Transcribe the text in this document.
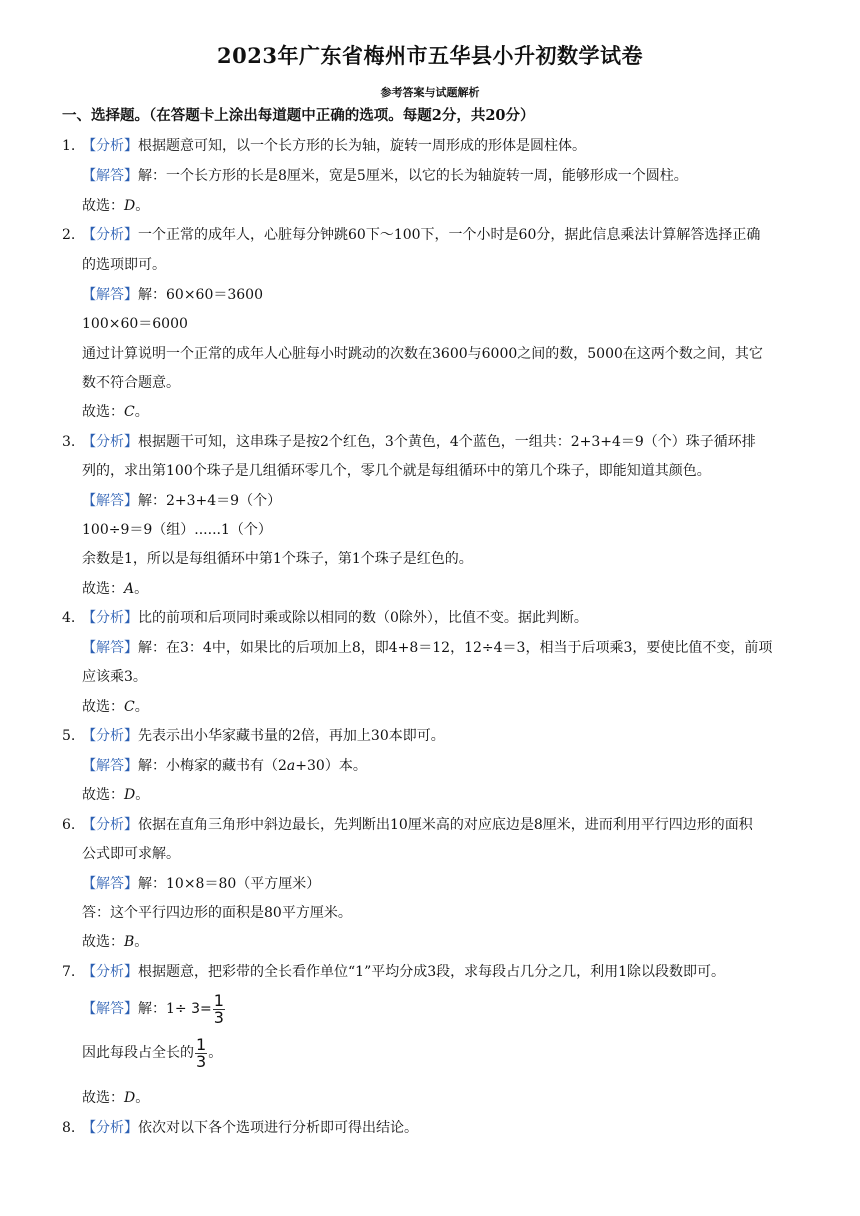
2023年广东省梅州市五华县小升初数学试卷
参考答案与试题解析
一、选择题。（在答题卡上涂出每道题中正确的选项。每题2分，共20分）
1. 【分析】根据题意可知，以一个长方形的长为轴，旋转一周形成的形体是圆柱体。
【解答】解：一个长方形的长是8厘米，宽是5厘米，以它的长为轴旋转一周，能够形成一个圆柱。
故选：D。
2. 【分析】一个正常的成年人，心脏每分钟跳60下～100下，一个小时是60分，据此信息乘法计算解答选择正确
的选项即可。
【解答】解：60×60＝3600
100×60＝6000
通过计算说明一个正常的成年人心脏每小时跳动的次数在3600与6000之间的数，5000在这两个数之间，其它
数不符合题意。
故选：C。
3. 【分析】根据题干可知，这串珠子是按2个红色，3个黄色，4个蓝色，一组共：2+3+4＝9（个）珠子循环排
列的，求出第100个珠子是几组循环零几个，零几个就是每组循环中的第几个珠子，即能知道其颜色。
【解答】解：2+3+4＝9（个）
100÷9＝9（组）......1（个）
余数是1，所以是每组循环中第1个珠子，第1个珠子是红色的。
故选：A。
4. 【分析】比的前项和后项同时乘或除以相同的数（0除外），比值不变。据此判断。
【解答】解：在3：4中，如果比的后项加上8，即4+8＝12，12÷4＝3，相当于后项乘3，要使比值不变，前项
应该乘3。
故选：C。
5. 【分析】先表示出小华家藏书量的2倍，再加上30本即可。
【解答】解：小梅家的藏书有（2a+30）本。
故选：D。
6. 【分析】依据在直角三角形中斜边最长，先判断出10厘米高的对应底边是8厘米，进而利用平行四边形的面积
公式即可求解。
【解答】解：10×8＝80（平方厘米）
答：这个平行四边形的面积是80平方厘米。
故选：B。
7. 【分析】根据题意，把彩带的全长看作单位“1”平均分成3段，求每段占几分之几，利用1除以段数即可。
【解答】解：$1\div 3= \frac{1}{3}$
因此每段占全长的 $\frac{1}{3}$ 。
故选：D。
8. 【分析】依次对以下各个选项进行分析即可得出结论。
